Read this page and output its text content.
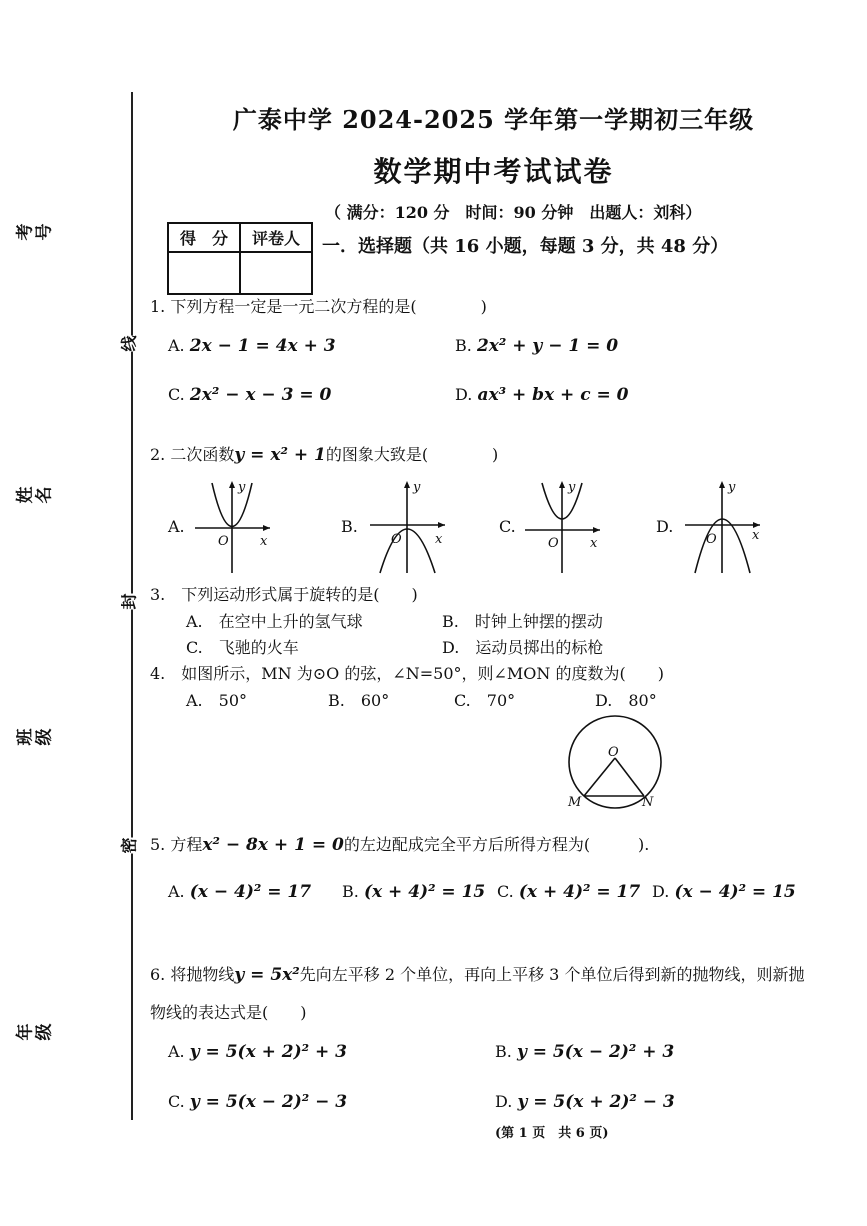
考号
姓名
班级
年级
线
封
密
广泰中学 2024-2025 学年第一学期初三年级
数学期中考试试卷
（ 满分：120 分　时间：90 分钟　出题人：刘科）
得　分	评卷人
	一．选择题（共 16 小题，每题 3 分，共 48 分）
1. 下列方程一定是一元二次方程的是(　　　　)
A. 2x − 1 = 4x + 3	B. 2x² + y − 1 = 0
C. 2x² − x − 3 = 0	D. ax³ + bx + c = 0
2. 二次函数y = x² + 1的图象大致是(　　　　)
A.
O x
y
B.
O	x
y
C.
O x
y
D.
O	x
y
3.　下列运动形式属于旋转的是(　　)
A.　在空中上升的氢气球	B.　时钟上钟摆的摆动
C.　飞驰的火车	D.　运动员掷出的标枪
4.　如图所示，MN 为⊙O 的弦，∠N=50°，则∠MON 的度数为(　　)
A.　50°	B.　60°	C.　70°	D.　80°
O
M	N
5. 方程x² − 8x + 1 = 0的左边配成完全平方后所得方程为(　　　).
A. (x − 4)² = 17 B. (x + 4)² = 15 C. (x + 4)² = 17 D. (x − 4)² = 15
6. 将抛物线y = 5x²先向左平移 2 个单位，再向上平移 3 个单位后得到新的抛物线，则新抛
物线的表达式是(　　)
A. y = 5(x + 2)² + 3	B. y = 5(x − 2)² + 3
C. y = 5(x − 2)² − 3	D. y = 5(x + 2)² − 3
(第 1 页　共 6 页)
